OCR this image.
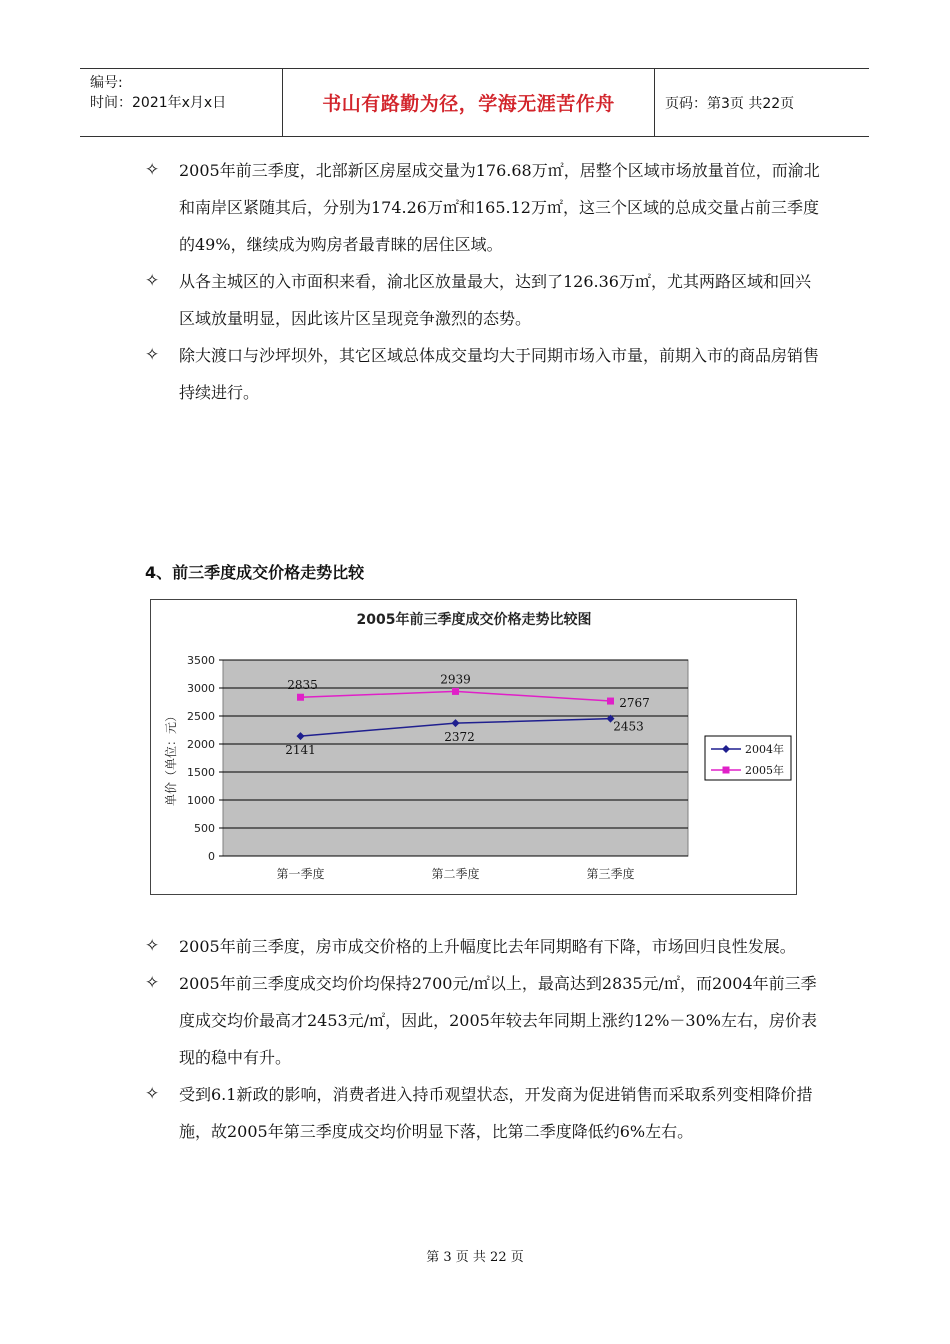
编号:
时间：2021年x月x日	书山有路勤为径，学海无涯苦作舟	页码：第3页 共22页
✧ 2005年前三季度，北部新区房屋成交量为176.68万㎡，居整个区域市场放量首位，而渝北和南岸区紧随其后，分别为174.26万㎡和165.12万㎡，这三个区域的总成交量占前三季度的49%，继续成为购房者最青睐的居住区域。
✧ 从各主城区的入市面积来看，渝北区放量最大，达到了126.36万㎡，尤其两路区域和回兴区域放量明显，因此该片区呈现竞争激烈的态势。
✧ 除大渡口与沙坪坝外，其它区域总体成交量均大于同期市场入市量，前期入市的商品房销售持续进行。
4、前三季度成交价格走势比较
2005年前三季度成交价格走势比较图
0
500
1000
1500
2000
2500
3000
3500
第一季度	第二季度	第三季度
单价（单位：元）	2141
2372
2453
2835	2939
2767
2004年
2005年
✧ 2005年前三季度，房市成交价格的上升幅度比去年同期略有下降，市场回归良性发展。
✧ 2005年前三季度成交均价均保持2700元/㎡以上，最高达到2835元/㎡，而2004年前三季度成交均价最高才2453元/㎡，因此，2005年较去年同期上涨约12%－30%左右，房价表现的稳中有升。
✧ 受到6.1新政的影响，消费者进入持币观望状态，开发商为促进销售而采取系列变相降价措施，故2005年第三季度成交均价明显下落，比第二季度降低约6%左右。
第 3 页 共 22 页
